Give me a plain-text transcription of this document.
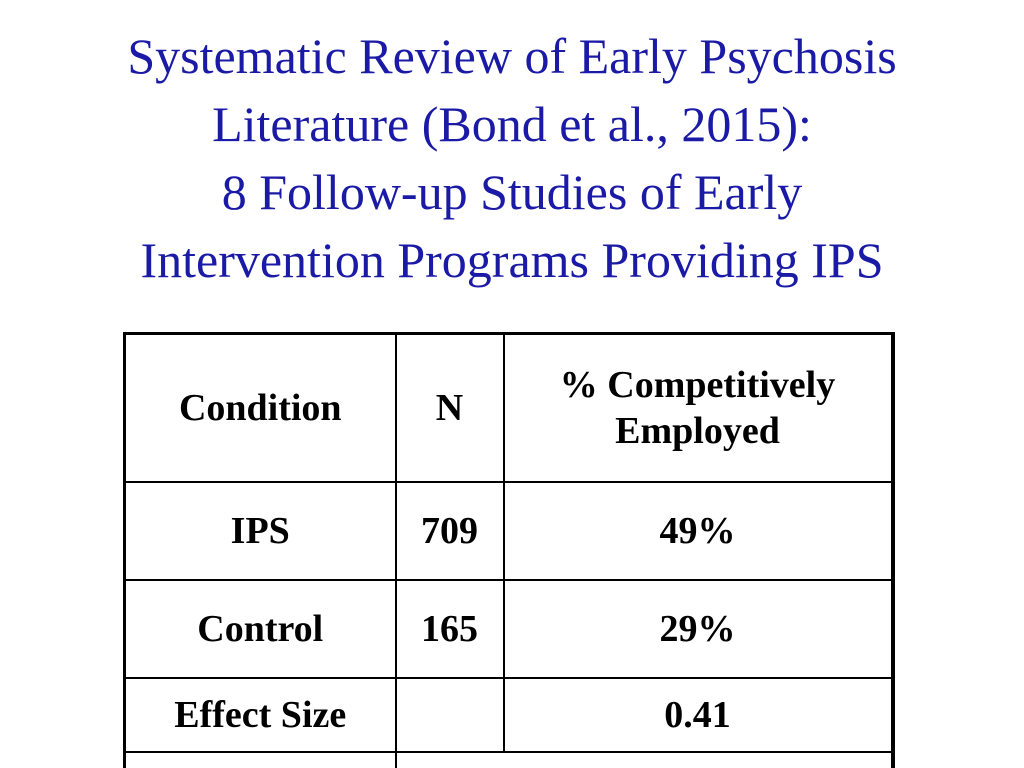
Systematic Review of Early Psychosis
Literature (Bond et al., 2015):
8 Follow-up Studies of Early
Intervention Programs Providing IPS
Condition	N	% Competitively
Employed

IPS	709	49%
Control	165	29%
Effect Size		0.41
